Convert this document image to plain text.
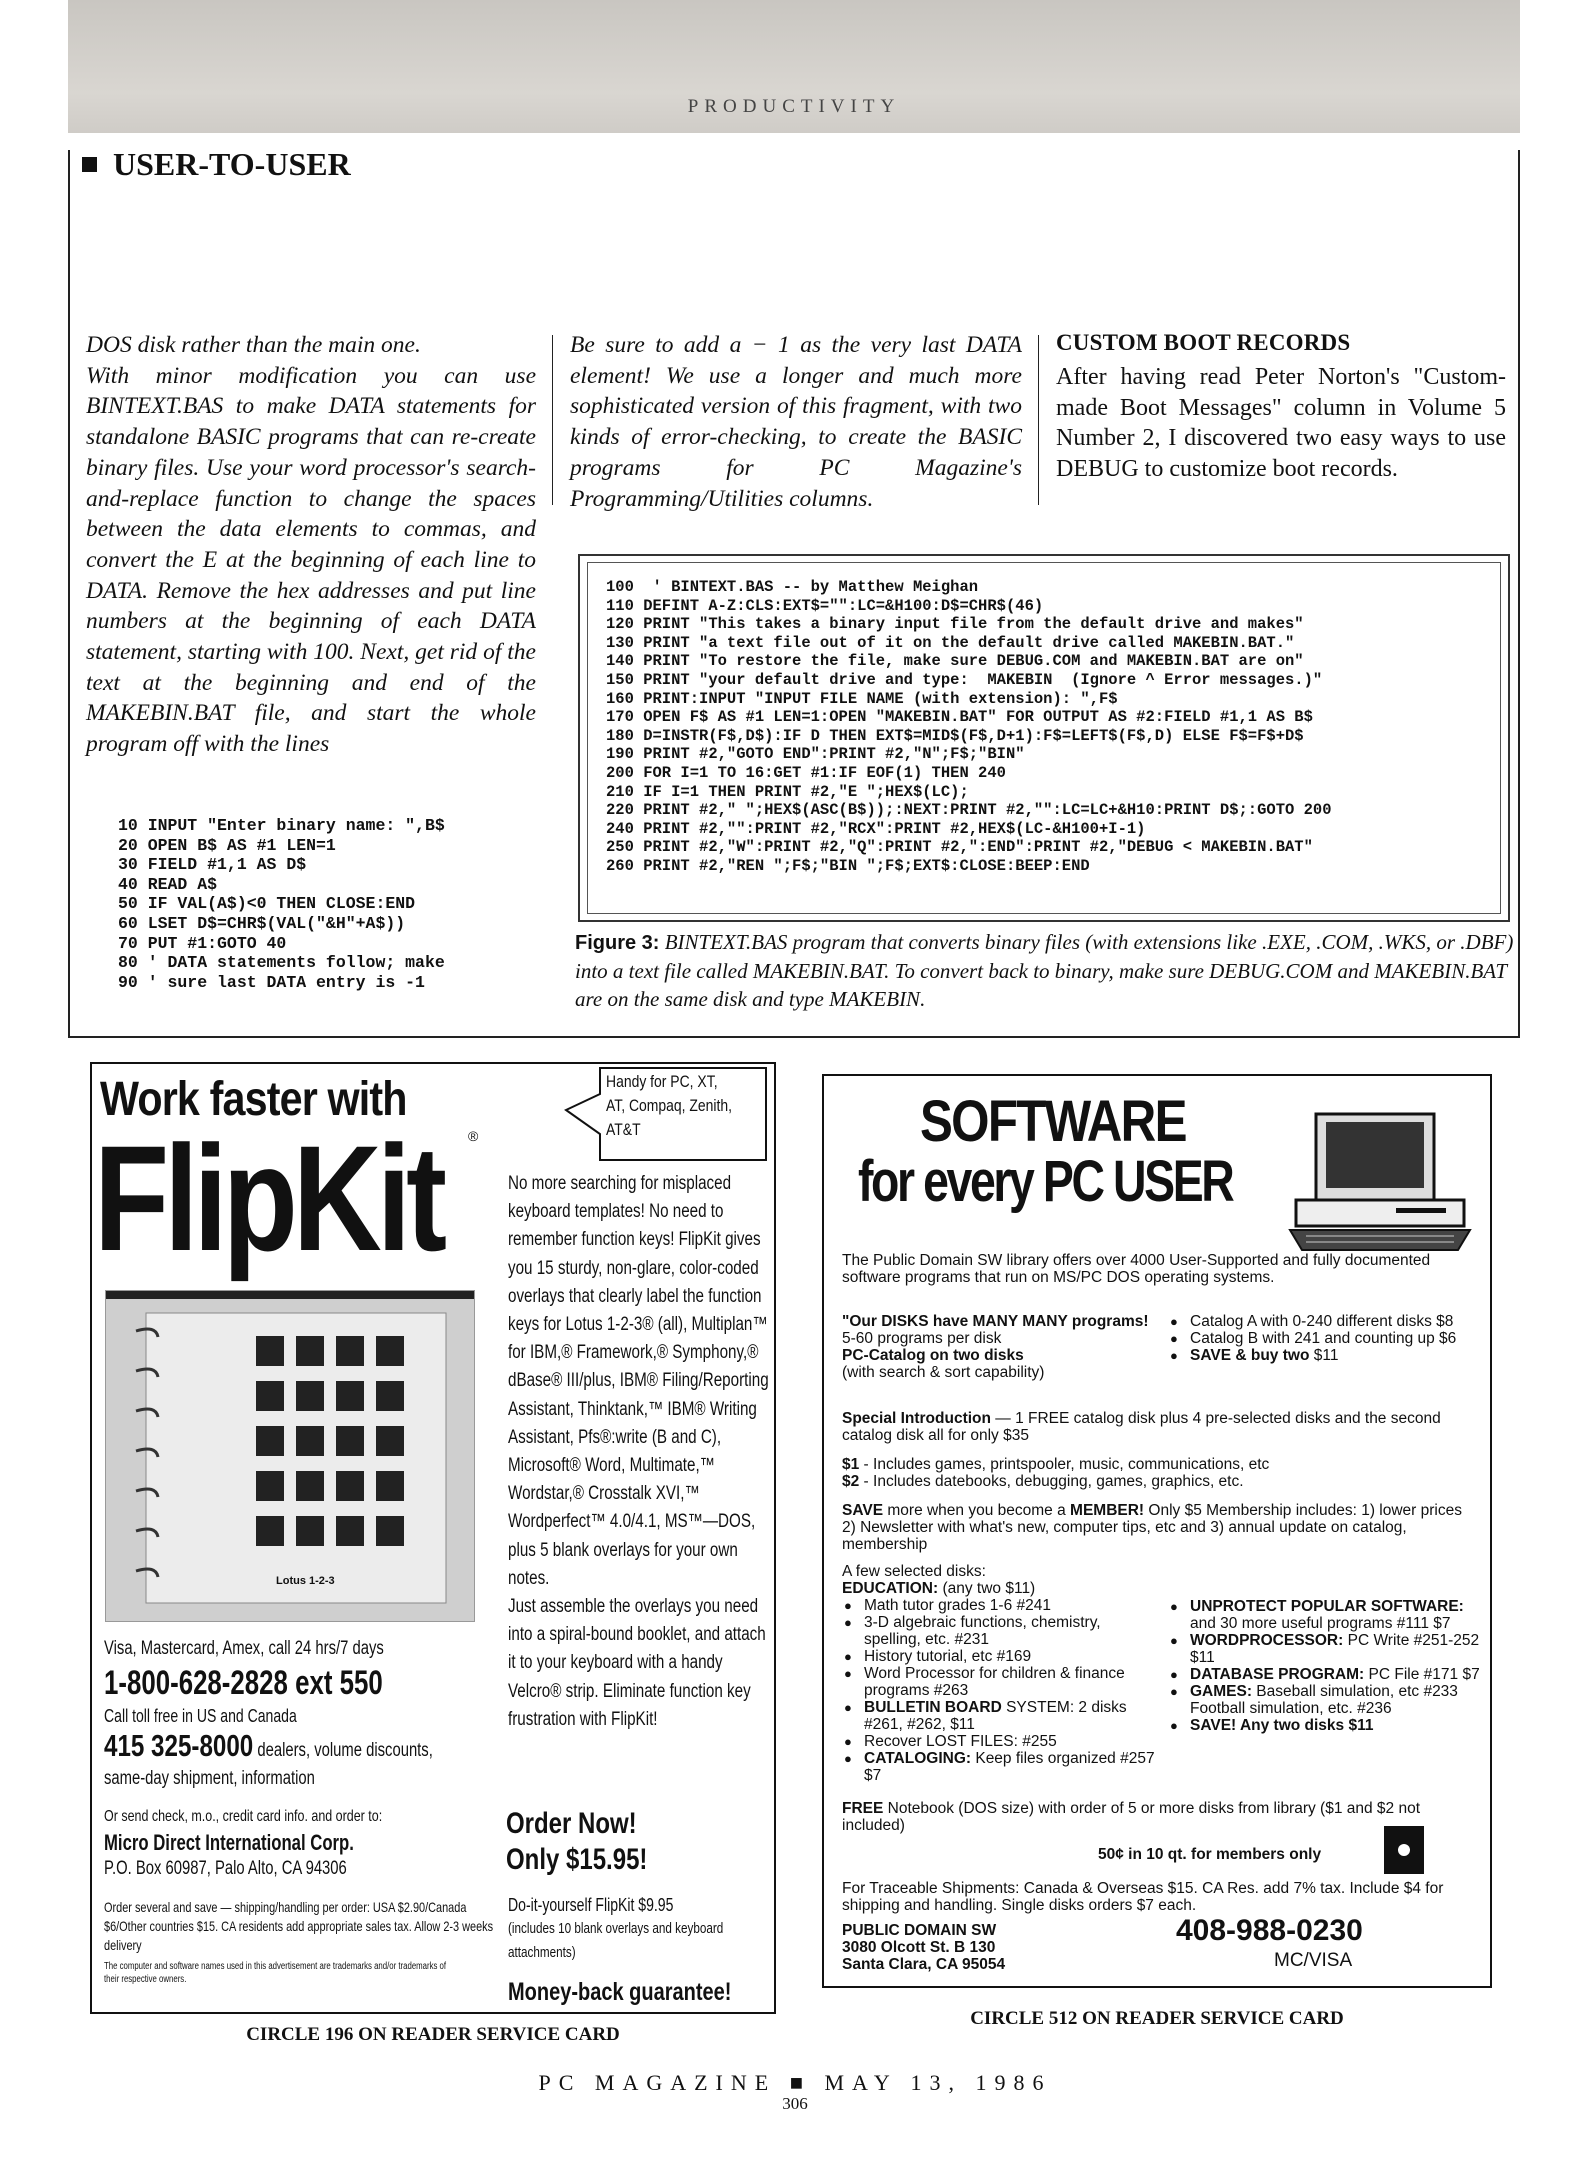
PRODUCTIVITY
USER-TO-USER
DOS disk rather than the main one.
With minor modification you can use BINTEXT.BAS to make DATA statements for standalone BASIC programs that can re-create binary files. Use your word processor's search-and-replace function to change the spaces between the data elements to commas, and convert the E at the beginning of each line to DATA. Remove the hex addresses and put line numbers at the beginning of each DATA statement, starting with 100. Next, get rid of the text at the beginning and end of the MAKEBIN.BAT file, and start the whole program off with the lines
10 INPUT "Enter binary name: ",B$
20 OPEN B$ AS #1 LEN=1
30 FIELD #1,1 AS D$
40 READ A$
50 IF VAL(A$)<0 THEN CLOSE:END
60 LSET D$=CHR$(VAL("&H"+A$))
70 PUT #1:GOTO 40
80 ' DATA statements follow; make
90 ' sure last DATA entry is -1
Be sure to add a − 1 as the very last DATA element! We use a longer and much more sophisticated version of this fragment, with two kinds of error-checking, to create the BASIC programs for PC Magazine's Programming/Utilities columns.
CUSTOM BOOT RECORDS
After having read Peter Norton's "Custom-made Boot Messages" column in Volume 5 Number 2, I discovered two easy ways to use DEBUG to customize boot records.
100  ' BINTEXT.BAS -- by Matthew Meighan
110 DEFINT A-Z:CLS:EXT$="":LC=&H100:D$=CHR$(46)
120 PRINT "This takes a binary input file from the default drive and makes"
130 PRINT "a text file out of it on the default drive called MAKEBIN.BAT."
140 PRINT "To restore the file, make sure DEBUG.COM and MAKEBIN.BAT are on"
150 PRINT "your default drive and type:  MAKEBIN  (Ignore ^ Error messages.)"
160 PRINT:INPUT "INPUT FILE NAME (with extension): ",F$
170 OPEN F$ AS #1 LEN=1:OPEN "MAKEBIN.BAT" FOR OUTPUT AS #2:FIELD #1,1 AS B$
180 D=INSTR(F$,D$):IF D THEN EXT$=MID$(F$,D+1):F$=LEFT$(F$,D) ELSE F$=F$+D$
190 PRINT #2,"GOTO END":PRINT #2,"N";F$;"BIN"
200 FOR I=1 TO 16:GET #1:IF EOF(1) THEN 240
210 IF I=1 THEN PRINT #2,"E ";HEX$(LC);
220 PRINT #2," ";HEX$(ASC(B$));:NEXT:PRINT #2,"":LC=LC+&H10:PRINT D$;:GOTO 200
240 PRINT #2,"":PRINT #2,"RCX":PRINT #2,HEX$(LC-&H100+I-1)
250 PRINT #2,"W":PRINT #2,"Q":PRINT #2,":END":PRINT #2,"DEBUG < MAKEBIN.BAT"
260 PRINT #2,"REN ";F$;"BIN ";F$;EXT$:CLOSE:BEEP:END
Figure 3: BINTEXT.BAS program that converts binary files (with extensions like .EXE, .COM, .WKS, or .DBF) into a text file called MAKEBIN.BAT. To convert back to binary, make sure DEBUG.COM and MAKEBIN.BAT are on the same disk and type MAKEBIN.
Work faster with
FlipKit ®
Handy for PC, XT, AT, Compaq, Zenith, AT&T
Lotus 1-2-3
No more searching for misplaced keyboard templates! No need to remember function keys! FlipKit gives you 15 sturdy, non-glare, color-coded overlays that clearly label the function keys for Lotus 1-2-3® (all), Multiplan™ for IBM,® Framework,® Symphony,® dBase® III/plus, IBM® Filing/Reporting Assistant, Thinktank,™ IBM® Writing Assistant, Pfs®:write (B and C), Microsoft® Word, Multimate,™ Wordstar,® Crosstalk XVI,™ Wordperfect™ 4.0/4.1, MS™—DOS, plus 5 blank overlays for your own notes.
Just assemble the overlays you need into a spiral-bound booklet, and attach it to your keyboard with a handy Velcro® strip. Eliminate function key frustration with FlipKit!
Visa, Mastercard, Amex, call 24 hrs/7 days
1-800-628-2828 ext 550
Call toll free in US and Canada
415 325-8000 dealers, volume discounts, same-day shipment, information
Or send check, m.o., credit card info. and order to:
Micro Direct International Corp.
P.O. Box 60987, Palo Alto, CA 94306
Order several and save — shipping/handling per order: USA $2.90/Canada $6/Other countries $15. CA residents add appropriate sales tax. Allow 2-3 weeks delivery
The computer and software names used in this advertisement are trademarks and/or trademarks of their respective owners.
Order Now!
Only $15.95!
Do-it-yourself FlipKit $9.95
(includes 10 blank overlays and keyboard attachments)
Money-back guarantee!
CIRCLE 196 ON READER SERVICE CARD
SOFTWARE
for every PC USER
The Public Domain SW library offers over 4000 User-Supported and fully documented software programs that run on MS/PC DOS operating systems.
"Our DISKS have MANY MANY programs!
5-60 programs per disk
PC-Catalog on two disks
(with search & sort capability)
● Catalog A with 0-240 different disks $8
● Catalog B with 241 and counting up $6
● SAVE & buy two $11
Special Introduction — 1 FREE catalog disk plus 4 pre-selected disks and the second catalog disk all for only $35
$1 - Includes games, printspooler, music, communications, etc
$2 - Includes datebooks, debugging, games, graphics, etc.
SAVE more when you become a MEMBER! Only $5 Membership includes: 1) lower prices 2) Newsletter with what's new, computer tips, etc and 3) annual update on catalog, membership
A few selected disks:
EDUCATION: (any two $11)
● Math tutor grades 1-6 #241
● 3-D algebraic functions, chemistry, spelling, etc. #231
● History tutorial, etc #169
● Word Processor for children & finance programs #263
● BULLETIN BOARD SYSTEM: 2 disks #261, #262, $11
● Recover LOST FILES: #255
● CATALOGING: Keep files organized #257 $7
● UNPROTECT POPULAR SOFTWARE: and 30 more useful programs #111 $7
● WORDPROCESSOR: PC Write #251-252 $11
● DATABASE PROGRAM: PC File #171 $7
● GAMES: Baseball simulation, etc #233 Football simulation, etc. #236
● SAVE! Any two disks $11
FREE Notebook (DOS size) with order of 5 or more disks from library ($1 and $2 not included)
50¢ in 10 qt. for members only
For Traceable Shipments: Canada & Overseas $15. CA Res. add 7% tax. Include $4 for shipping and handling. Single disks orders $7 each.
PUBLIC DOMAIN SW
3080 Olcott St. B 130
Santa Clara, CA 95054
408-988-0230
MC/VISA
CIRCLE 512 ON READER SERVICE CARD
PC MAGAZINE ■ MAY 13, 1986
306
